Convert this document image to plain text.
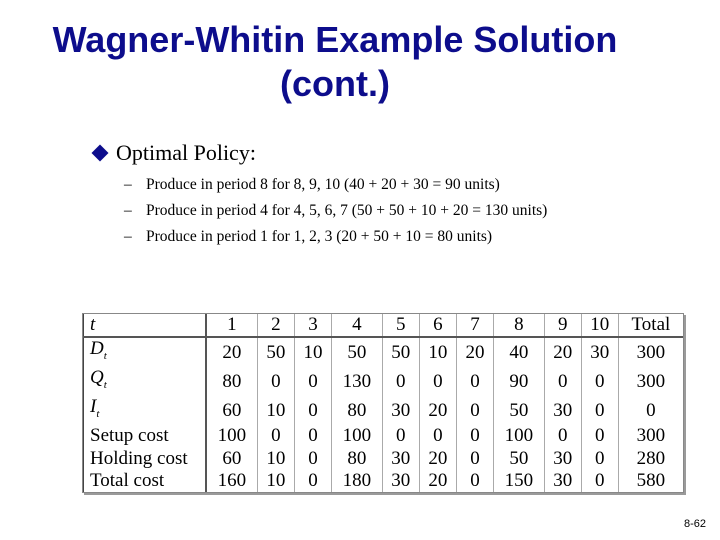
Wagner-Whitin Example Solution
(cont.)
Optimal Policy:
– Produce in period 8 for 8, 9, 10 (40 + 20 + 30 = 90 units)
– Produce in period 4 for 4, 5, 6, 7 (50 + 50 + 10 + 20 = 130 units)
– Produce in period 1 for 1, 2, 3 (20 + 50 + 10 = 80 units)
t	1	2	3	4	5	6	7	8	9	10	Total
$D_t$	20	50	10	50	50	10	20	40	20	30	300
$Q_t$	80	0	0	130	0	0	0	90	0	0	300
$I_t$	60	10	0	80	30	20	0	50	30	0	0
Setup cost	100	0	0	100	0	0	0	100	0	0	300
Holding cost	60	10	0	80	30	20	0	50	30	0	280
Total cost	160	10	0	180	30	20	0	150	30	0	580
8-62
